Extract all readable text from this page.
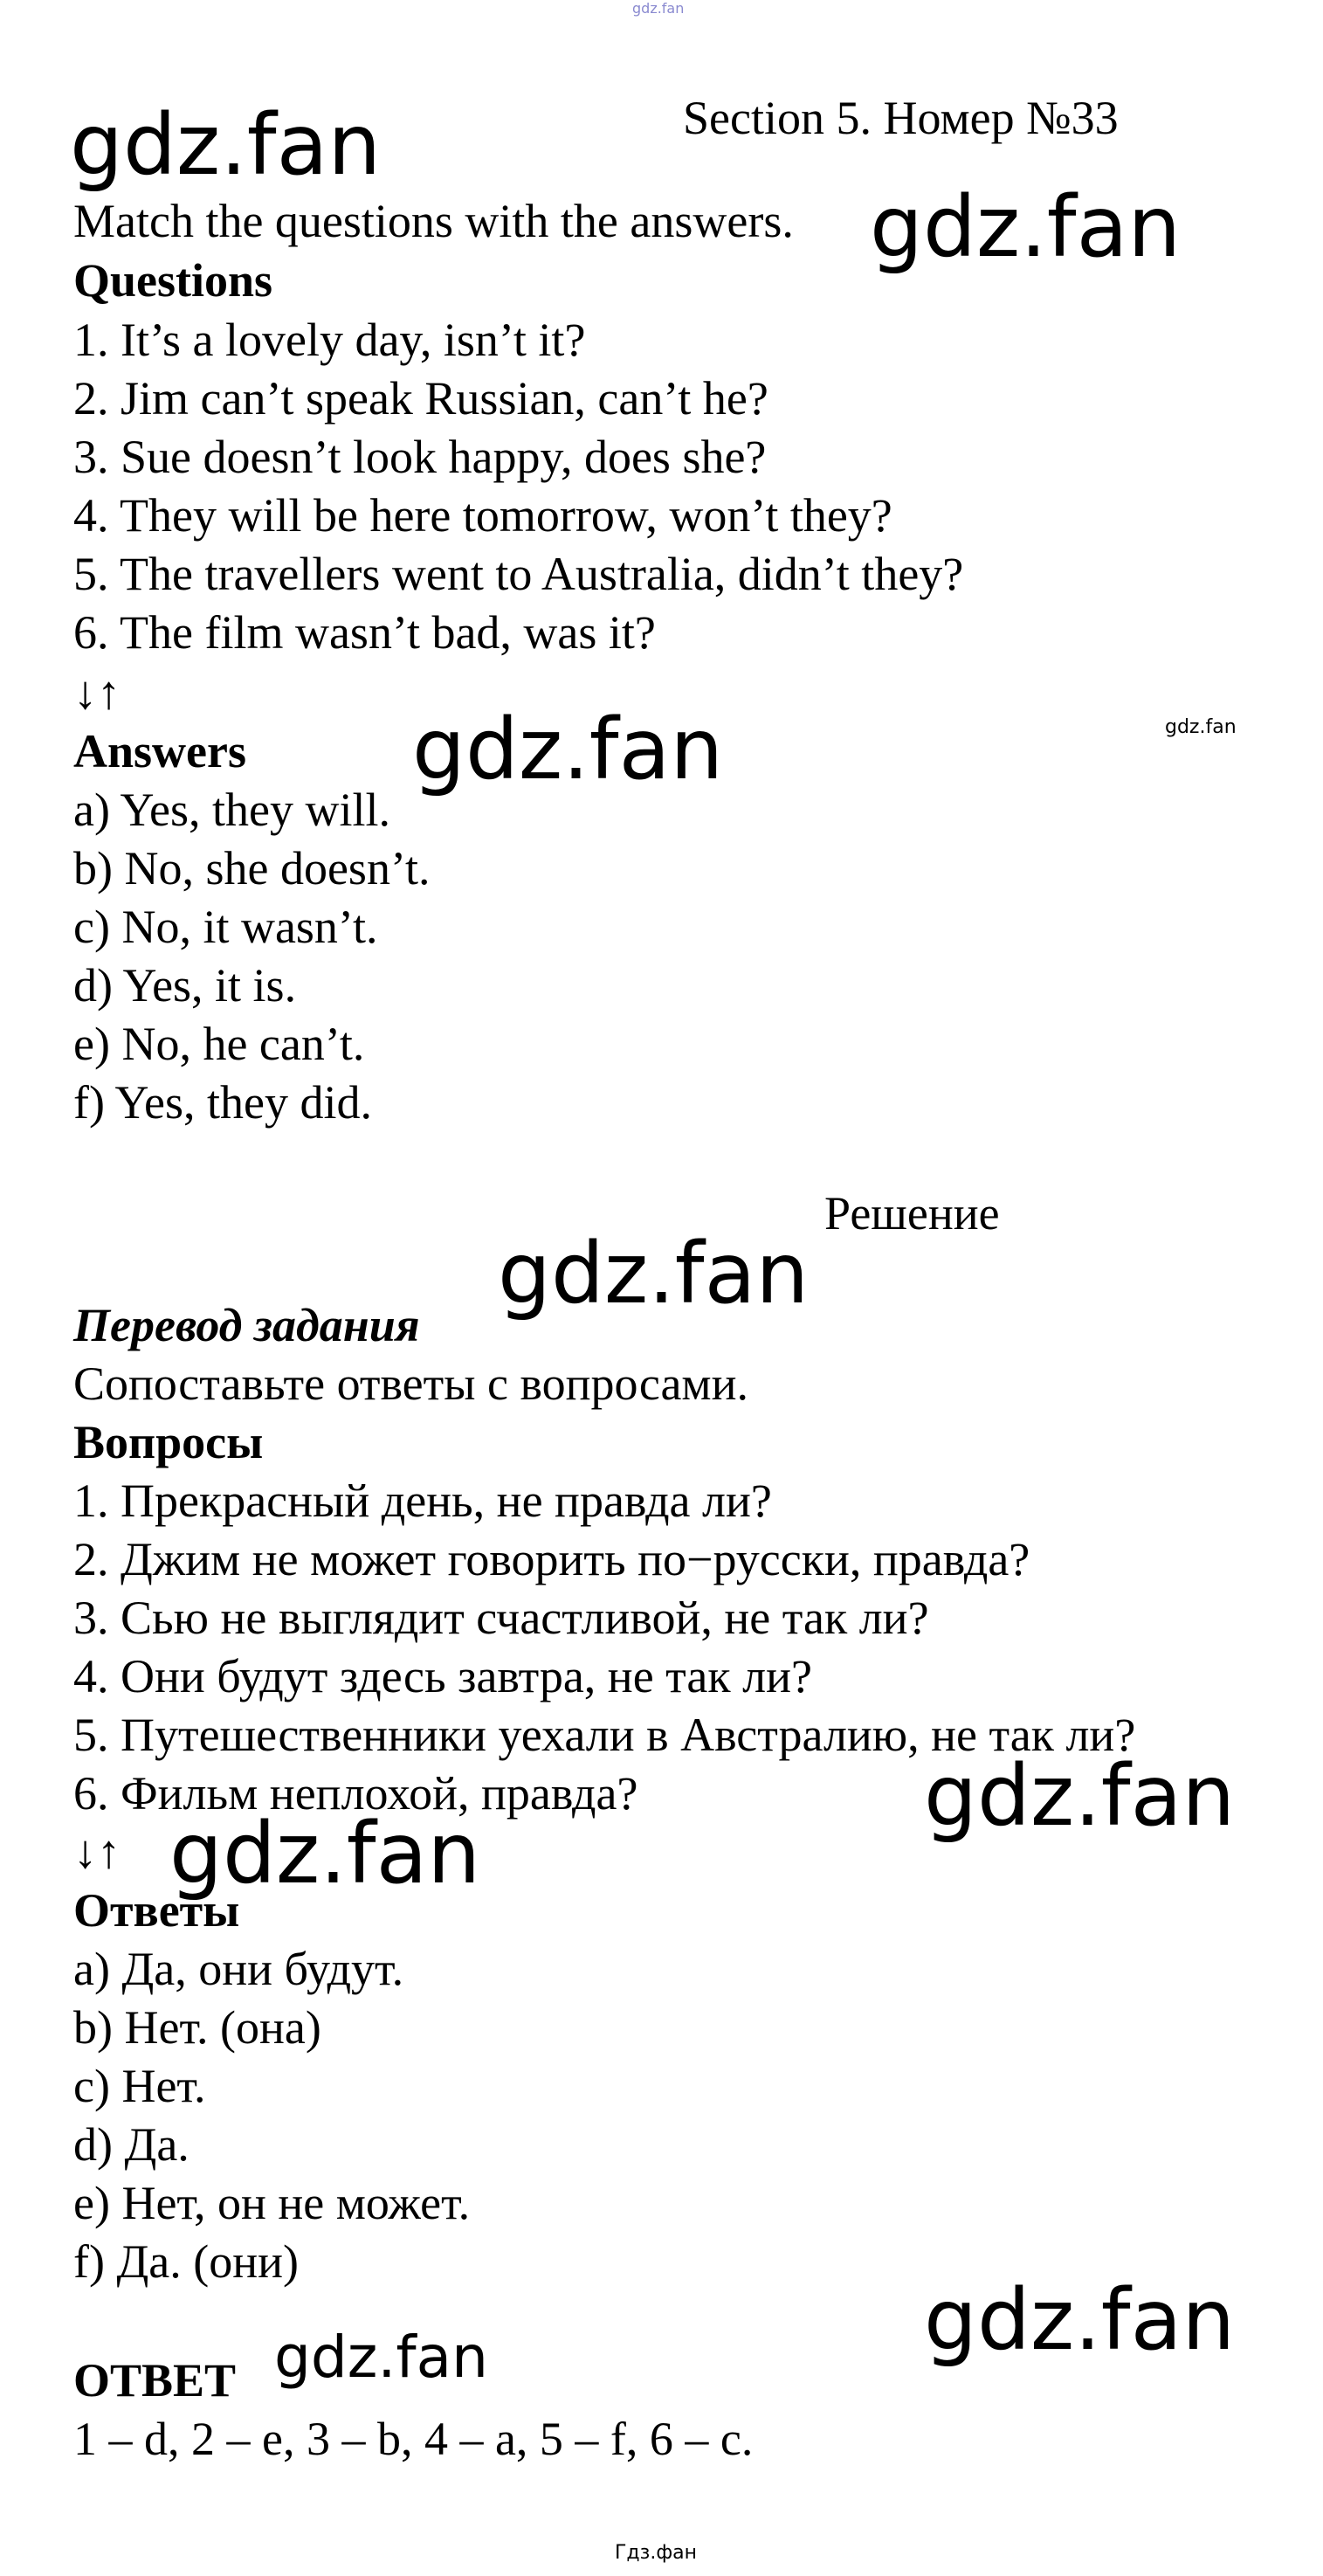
gdz.fan
Section 5. Номер №33
Match the questions with the answers.
Questions
1. It’s a lovely day, isn’t it?
2. Jim can’t speak Russian, can’t he?
3. Sue doesn’t look happy, does she?
4. They will be here tomorrow, won’t they?
5. The travellers went to Australia, didn’t they?
6. The film wasn’t bad, was it?
↓↑
Answers
a) Yes, they will.
b) No, she doesn’t.
c) No, it wasn’t.
d) Yes, it is.
e) No, he can’t.
f) Yes, they did.
Решение
Перевод задания
Сопоставьте ответы с вопросами.
Вопросы
1. Прекрасный день, не правда ли?
2. Джим не может говорить по−русски, правда?
3. Сью не выглядит счастливой, не так ли?
4. Они будут здесь завтра, не так ли?
5. Путешественники уехали в Австралию, не так ли?
6. Фильм неплохой, правда?
↓↑
Ответы
a) Да, они будут.
b) Нет. (она)
c) Нет.
d) Да.
e) Нет, он не может.
f) Да. (они)
ОТВЕТ
1 – d, 2 – e, 3 – b, 4 – a, 5 – f, 6 – c.
gdz.fan
gdz.fan
gdz.fan
gdz.fan
gdz.fan
gdz.fan
gdz.fan
gdz.fan
gdz.fan
Гдз.фан
